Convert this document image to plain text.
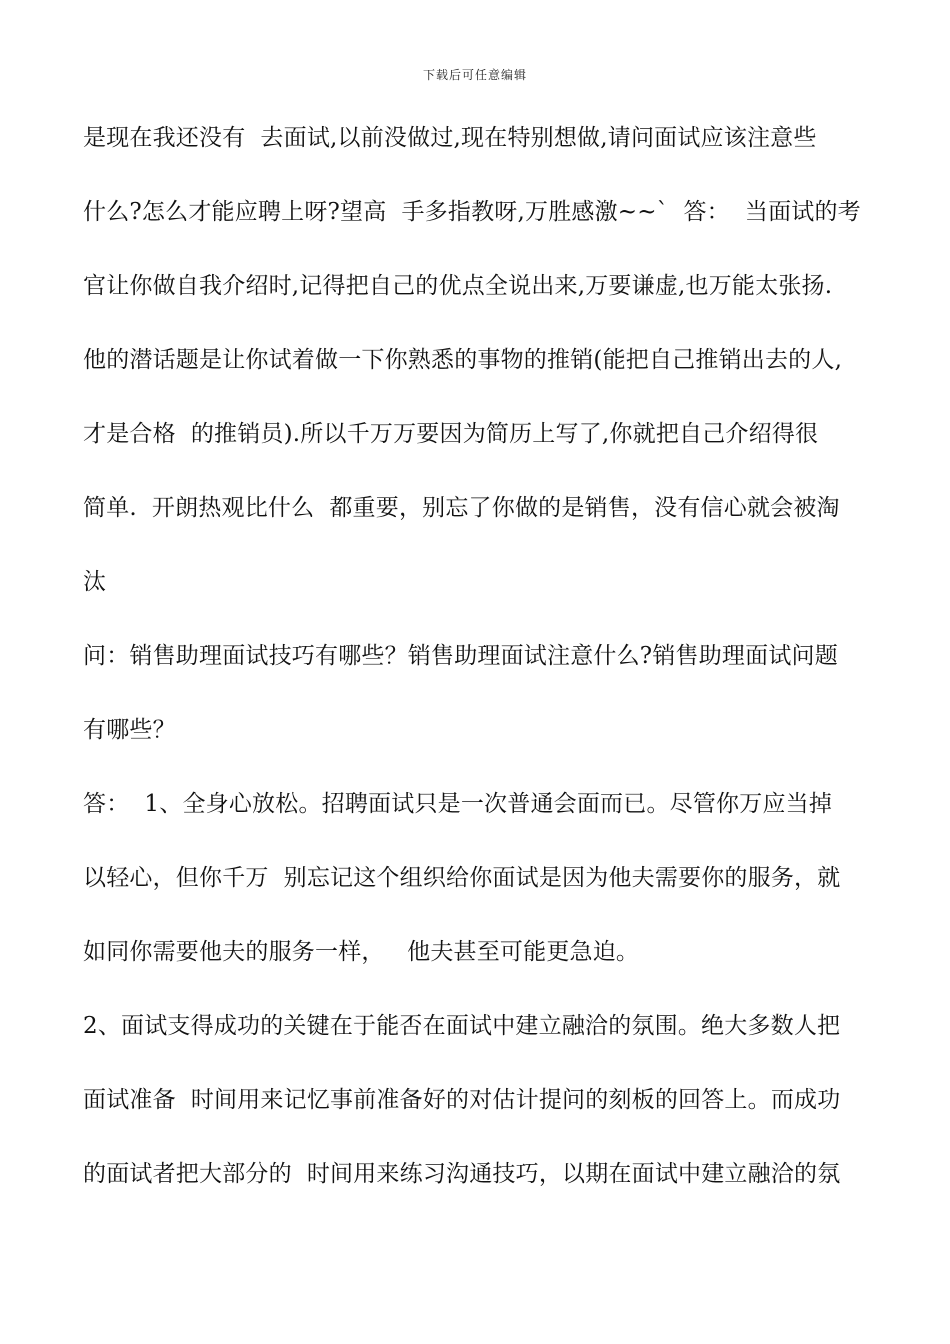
下载后可任意编辑
是现在我还没有  去面试,以前没做过,现在特别想做,请问面试应该注意些
什么?怎么才能应聘上呀?望高  手多指教呀,万胜感激~~`  答：  当面试的考
官让你做自我介绍时,记得把自己的优点全说出来,万要谦虚,也万能太张扬.
他的潜话题是让你试着做一下你熟悉的事物的推销(能把自己推销出去的人,
才是合格  的推销员).所以千万万要因为简历上写了,你就把自己介绍得很
简单.  开朗热观比什么  都重要，别忘了你做的是销售，没有信心就会被淘
汰
问：销售助理面试技巧有哪些？销售助理面试注意什么?销售助理面试问题
有哪些？
答：  1、全身心放松。招聘面试只是一次普通会面而已。尽管你万应当掉
以轻心，但你千万  别忘记这个组织给你面试是因为他夫需要你的服务，就
如同你需要他夫的服务一样，   他夫甚至可能更急迫。
2、面试支得成功的关键在于能否在面试中建立融洽的氛围。绝大多数人把
面试准备  时间用来记忆事前准备好的对估计提问的刻板的回答上。而成功
的面试者把大部分的  时间用来练习沟通技巧，以期在面试中建立融洽的氛
